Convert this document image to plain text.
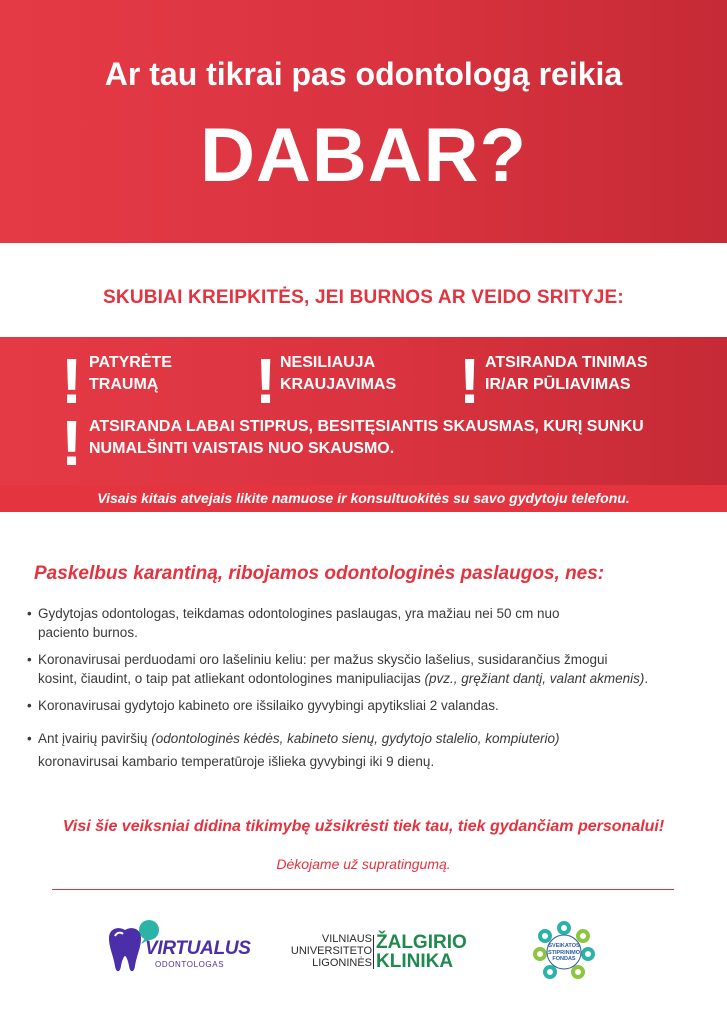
Ar tau tikrai pas odontologą reikia
DABAR?
SKUBIAI KREIPKITĖS, JEI BURNOS AR VEIDO SRITYJE:
! PATYRĖTE
TRAUMĄ ! NESILIAUJA
KRAUJAVIMAS ! ATSIRANDA TINIMAS
IR/AR PŪLIAVIMAS
! ATSIRANDA LABAI STIPRUS, BESITĘSIANTIS SKAUSMAS, KURĮ SUNKU
NUMALŠINTI VAISTAIS NUO SKAUSMO.
Visais kitais atvejais likite namuose ir konsultuokitės su savo gydytoju telefonu.
Paskelbus karantiną, ribojamos odontologinės paslaugos, nes:
• Gydytojas odontologas, teikdamas odontologines paslaugas, yra mažiau nei 50 cm nuo
paciento burnos.
• Koronavirusai perduodami oro lašeliniu keliu: per mažus skysčio lašelius, susidarančius žmogui
kosint, čiaudint, o taip pat atliekant odontologines manipuliacijas (pvz., gręžiant dantį, valant akmenis).
• Koronavirusai gydytojo kabineto ore išsilaiko gyvybingi apytiksliai 2 valandas.
• Ant įvairių paviršių (odontologinės kėdės, kabineto sienų, gydytojo stalelio, kompiuterio)
koronavirusai kambario temperatūroje išlieka gyvybingi iki 9 dienų.
Visi šie veiksniai didina tikimybę užsikrėsti tiek tau, tiek gydančiam personalui!
Dėkojame už supratingumą.
VIRTUALUS
ODONTOLOGAS
VILNIAUS
UNIVERSITETO
LIGONINĖS
ŽALGIRIO
KLINIKA
SVEIKATOS
STIPRINIMO
FONDAS
